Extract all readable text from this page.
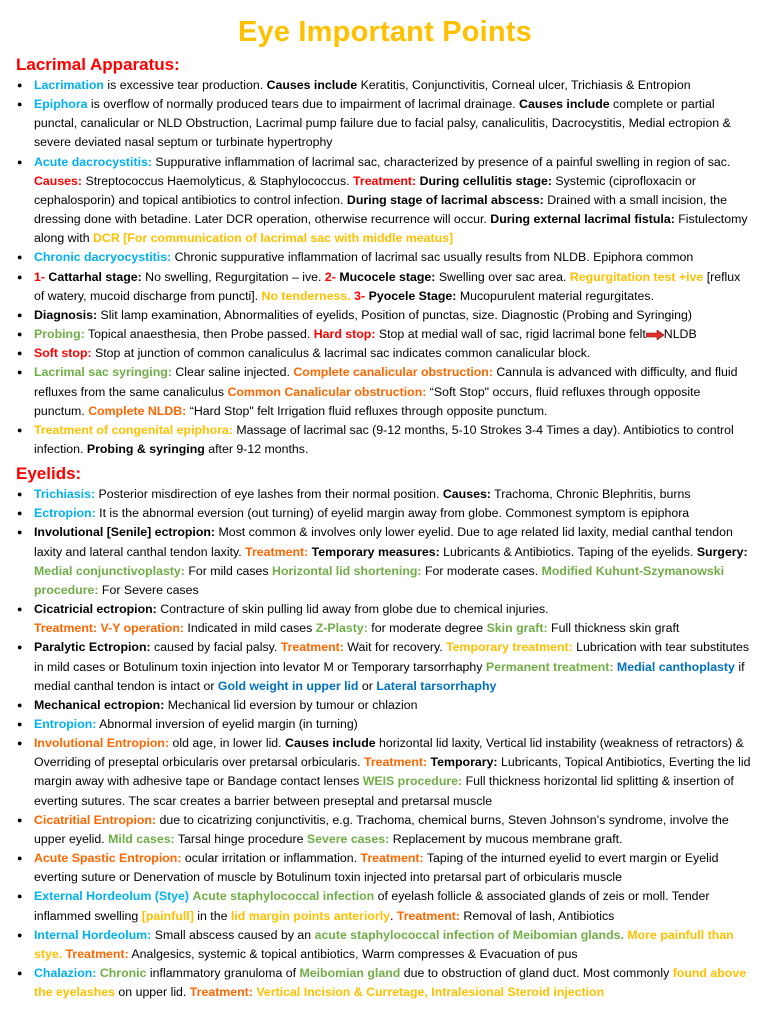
Eye Important Points
Lacrimal Apparatus:
● Lacrimation is excessive tear production. Causes include Keratitis, Conjunctivitis, Corneal ulcer, Trichiasis & Entropion
● Epiphora is overflow of normally produced tears due to impairment of lacrimal drainage. Causes include complete or partial punctal, canalicular or NLD Obstruction, Lacrimal pump failure due to facial palsy, canaliculitis, Dacrocystitis, Medial ectropion & severe deviated nasal septum or turbinate hypertrophy
● Acute dacrocystitis: Suppurative inflammation of lacrimal sac, characterized by presence of a painful swelling in region of sac. Causes: Streptococcus Haemolyticus, & Staphylococcus. Treatment: During cellulitis stage: Systemic (ciprofloxacin or cephalosporin) and topical antibiotics to control infection. During stage of lacrimal abscess: Drained with a small incision, the dressing done with betadine. Later DCR operation, otherwise recurrence will occur. During external lacrimal fistula: Fistulectomy along with DCR [For communication of lacrimal sac with middle meatus]
● Chronic dacryocystitis: Chronic suppurative inflammation of lacrimal sac usually results from NLDB. Epiphora common
● 1- Cattarhal stage: No swelling, Regurgitation – ive. 2- Mucocele stage: Swelling over sac area. Regurgitation test +ive [reflux of watery, mucoid discharge from puncti]. No tenderness. 3- Pyocele Stage: Mucopurulent material regurgitates.
● Diagnosis: Slit lamp examination, Abnormalities of eyelids, Position of punctas, size. Diagnostic (Probing and Syringing)
● Probing: Topical anaesthesia, then Probe passed. Hard stop: Stop at medial wall of sac, rigid lacrimal bone felt NLDB
● Soft stop: Stop at junction of common canaliculus & lacrimal sac indicates common canalicular block.
● Lacrimal sac syringing: Clear saline injected. Complete canalicular obstruction: Cannula is advanced with difficulty, and fluid refluxes from the same canaliculus Common Canalicular obstruction: “Soft Stop" occurs, fluid refluxes through opposite punctum. Complete NLDB: “Hard Stop" felt Irrigation fluid refluxes through opposite punctum.
● Treatment of congenital epiphora: Massage of lacrimal sac (9-12 months, 5-10 Strokes 3-4 Times a day). Antibiotics to control infection. Probing & syringing after 9-12 months.
Eyelids:
● Trichiasis: Posterior misdirection of eye lashes from their normal position. Causes: Trachoma, Chronic Blephritis, burns
● Ectropion: It is the abnormal eversion (out turning) of eyelid margin away from globe. Commonest symptom is epiphora
● Involutional [Senile] ectropion: Most common & involves only lower eyelid. Due to age related lid laxity, medial canthal tendon laxity and lateral canthal tendon laxity. Treatment: Temporary measures: Lubricants & Antibiotics. Taping of the eyelids. Surgery: Medial conjunctivoplasty: For mild cases Horizontal lid shortening: For moderate cases. Modified Kuhunt-Szymanowski procedure: For Severe cases
● Cicatricial ectropion: Contracture of skin pulling lid away from globe due to chemical injuries.
Treatment: V-Y operation: Indicated in mild cases Z-Plasty: for moderate degree Skin graft: Full thickness skin graft
● Paralytic Ectropion: caused by facial palsy. Treatment: Wait for recovery. Temporary treatment: Lubrication with tear substitutes in mild cases or Botulinum toxin injection into levator M or Temporary tarsorrhaphy Permanent treatment: Medial canthoplasty if medial canthal tendon is intact or Gold weight in upper lid or Lateral tarsorrhaphy
● Mechanical ectropion: Mechanical lid eversion by tumour or chlazion
● Entropion: Abnormal inversion of eyelid margin (in turning)
● Involutional Entropion: old age, in lower lid. Causes include horizontal lid laxity, Vertical lid instability (weakness of retractors) & Overriding of preseptal orbicularis over pretarsal orbicularis. Treatment: Temporary: Lubricants, Topical Antibiotics, Everting the lid margin away with adhesive tape or Bandage contact lenses WEIS procedure: Full thickness horizontal lid splitting & insertion of everting sutures. The scar creates a barrier between preseptal and pretarsal muscle
● Cicatritial Entropion: due to cicatrizing conjunctivitis, e.g. Trachoma, chemical burns, Steven Johnson’s syndrome, involve the upper eyelid. Mild cases: Tarsal hinge procedure Severe cases: Replacement by mucous membrane graft.
● Acute Spastic Entropion: ocular irritation or inflammation. Treatment: Taping of the inturned eyelid to evert margin or Eyelid everting suture or Denervation of muscle by Botulinum toxin injected into pretarsal part of orbicularis muscle
● External Hordeolum (Stye) Acute staphylococcal infection of eyelash follicle & associated glands of zeis or moll. Tender inflammed swelling [painfull] in the lid margin points anteriorly. Treatment: Removal of lash, Antibiotics
● Internal Hordeolum: Small abscess caused by an acute staphylococcal infection of Meibomian glands. More painfull than stye. Treatment: Analgesics, systemic & topical antibiotics, Warm compresses & Evacuation of pus
● Chalazion: Chronic inflammatory granuloma of Meibomian gland due to obstruction of gland duct. Most commonly found above the eyelashes on upper lid. Treatment: Vertical Incision & Curretage, Intralesional Steroid injection
